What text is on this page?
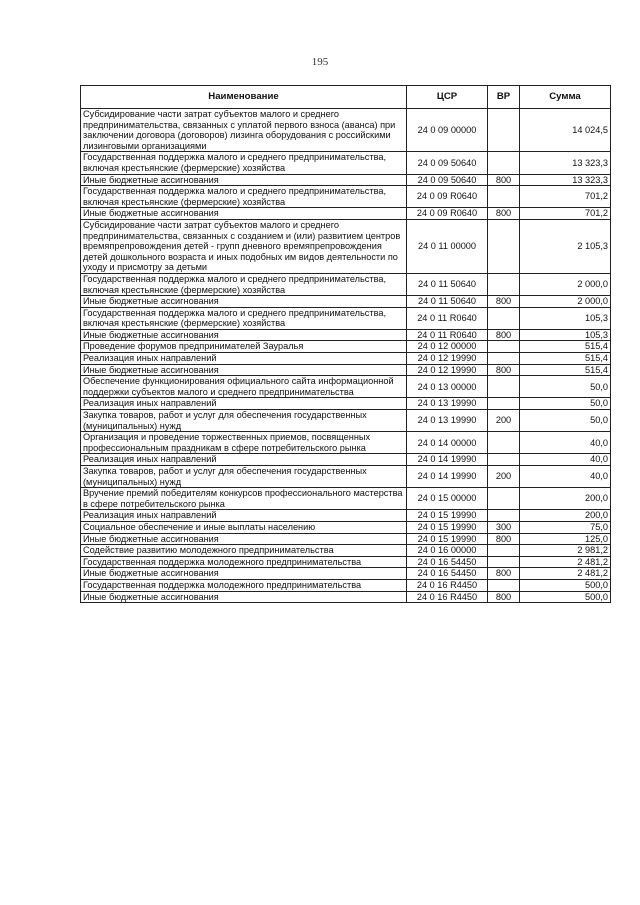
195
Наименование	ЦСР	ВР	Сумма
Субсидирование части затрат субъектов малого и среднего предпринимательства, связанных с уплатой первого взноса (аванса) при заключении договора (договоров) лизинга оборудования с российскими лизинговыми организациями	24 0 09 00000		14 024,5
Государственная поддержка малого и среднего предпринимательства, включая крестьянские (фермерские) хозяйства	24 0 09 50640		13 323,3
Иные бюджетные ассигнования	24 0 09 50640	800	13 323,3
Государственная поддержка малого и среднего предпринимательства, включая крестьянские (фермерские) хозяйства	24 0 09 R0640		701,2
Иные бюджетные ассигнования	24 0 09 R0640	800	701,2
Субсидирование части затрат субъектов малого и среднего предпринимательства, связанных с созданием и (или) развитием центров времяпрепровождения детей - групп дневного времяпрепровождения детей дошкольного возраста и иных подобных им видов деятельности по уходу и присмотру за детьми	24 0 11 00000		2 105,3
Государственная поддержка малого и среднего предпринимательства, включая крестьянские (фермерские) хозяйства	24 0 11 50640		2 000,0
Иные бюджетные ассигнования	24 0 11 50640	800	2 000,0
Государственная поддержка малого и среднего предпринимательства, включая крестьянские (фермерские) хозяйства	24 0 11 R0640		105,3
Иные бюджетные ассигнования	24 0 11 R0640	800	105,3
Проведение форумов предпринимателей Зауралья	24 0 12 00000		515,4
Реализация иных направлений	24 0 12 19990		515,4
Иные бюджетные ассигнования	24 0 12 19990	800	515,4
Обеспечение функционирования официального сайта информационной поддержки субъектов малого и среднего предпринимательства	24 0 13 00000		50,0
Реализация иных направлений	24 0 13 19990		50,0
Закупка товаров, работ и услуг для обеспечения государственных (муниципальных) нужд	24 0 13 19990	200	50,0
Организация и проведение торжественных приемов, посвященных профессиональным праздникам в сфере потребительского рынка	24 0 14 00000		40,0
Реализация иных направлений	24 0 14 19990		40,0
Закупка товаров, работ и услуг для обеспечения государственных (муниципальных) нужд	24 0 14 19990	200	40,0
Вручение премий победителям конкурсов профессионального мастерства в сфере потребительского рынка	24 0 15 00000		200,0
Реализация иных направлений	24 0 15 19990		200,0
Социальное обеспечение и иные выплаты населению	24 0 15 19990	300	75,0
Иные бюджетные ассигнования	24 0 15 19990	800	125,0
Содействие развитию молодежного предпринимательства	24 0 16 00000		2 981,2
Государственная поддержка молодежного предпринимательства	24 0 16 54450		2 481,2
Иные бюджетные ассигнования	24 0 16 54450	800	2 481,2
Государственная поддержка молодежного предпринимательства	24 0 16 R4450		500,0
Иные бюджетные ассигнования	24 0 16 R4450	800	500,0
